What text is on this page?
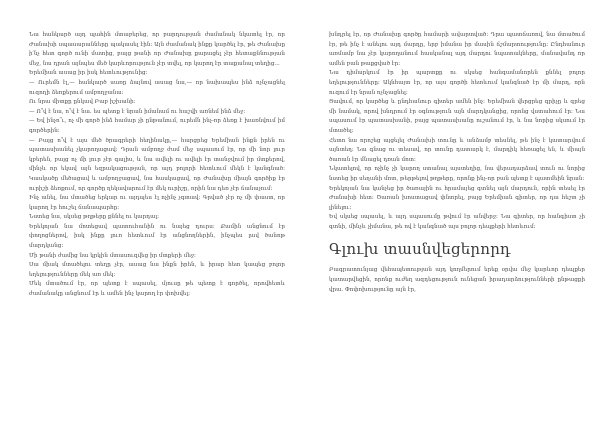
Նա հանկարծ այդ պահին մտաբերեց, որ բարդության ժամանակ նկատել էր, որ Ժանախի սպասարանները պակասել էին: Այն ժամանակ ինքը կարծել էր, թե Ժանախը ի՛նչ հետ գործ ունի մատից, բայց թանի որ Ժանախը քարացել չէր հետաքննության մեջ, նա դրան այնպես մեծ կարևորություն չէր տվել, որ կարող էր տաքանալ տեղից...

Երեմիան ասաց իր իսկ հետևությունից։

— Ուրեմն էլ,— հանկարծ սառը ձայնով ասաց նա,— որ նախապես ինձ ոչնչացնել ուզողի ձեռքերում ամբողջանա։

Ու նրա միտքը ընկավ Բաբ իշխանի։

— Ո՞վ է նա, ո՞վ է նա. ես պետք է նրան իմանամ ու հաշվի առնեմ ինձ մեջ։

— Եվ ինչո՞ւ, ոչ մի գործ ինձ համար չի ընթանում, ուրեմն ինչ-որ ձեռք է խառնվում իմ գործերին։

— Բայց ո՞վ է այս մեծ ծրագրերի հեղինակը,— հարցրեց Երեմիան ինքն իրեն ու պատասխանել չկարողացավ։ Դրան ամբողջ ժամ մեջ սպասում էր, որ մի նոր լուր կբերեն, բայց ոչ մի լուր չէր գալիս, և նա ավելի ու ավելի էր տանջվում իր մտքերով, մինչև որ եկավ այն եզրակացության, որ այդ բոլորի հետևում մեկն է կանգնած։ Կասկածը մեծացավ և ամբողջացավ, նա հասկացավ, որ Ժանախը միայն գործիք էր ուրիշի ձեռքում, որ գործը ղեկավարում էր մեկ ուրիշը, որին նա դեռ չէր ճանաչում։

Ինչ անել, նա մտածեց երկար ու այդպես էլ ոչինչ չգտավ։ Գրված չէր ոչ մի փաստ, որ կարող էր հուշել ճանապարհը։

Նստեց նա, սկսեց թղթերը քննել ու կարդալ։

Երեկոյան նա մոտեցավ պատուհանին ու նայեց դուրս։ Քամին անցնում էր փողոցներով, իսկ ինքը լուռ հետևում էր անցնողներին, ինչպես լավ ծանոթ մարդկանց։

Մի թանի ժամից նա կրկին մտասուզվեց իր մտքերի մեջ։

Սա միակ մտածելու տեղը չէր, ասաց նա ինքն իրեն, և իրար հետ կապեց բոլոր եղելությունները մեկ առ մեկ։

Մեկ մտածում էր, որ պետք է սպասել, մյուսը թե պետք է գործել, որովհետև ժամանակը անցնում էր և ամեն ինչ կարող էր փոխվել։

խնդրել էր, որ Ժանախը գործը համարի ավարտված։ Դրա պատճառով, նա մտածում էր, թե ինչ է անելու այդ մարդը, երբ իմանա իր մասին ճշմարտությունը։ Ընդհանուր առմամբ նա չէր կարողանում հասկանալ այդ մարդու նպատակները, մանավանդ որ ամեն բան թաքցված էր։

Նա դիմարկում էր իր պարտքը ու սկսեց հանգամանորեն քննել բոլոր եղելությունները։ Ակնհայտ էր, որ այս գործի հետևում կանգնած էր մի մարդ, որն ուզում էր նրան ոչնչացնել։

Ցավում, որ կարծեց և ընդհանուր գիտեր ամեն ինչ։ Երեմիան վերցրեց գրիչը և գրեց մի նամակ, որով խնդրում էր օգնություն այն մարդկանցից, որոնց վստահում էր։ Նա սպասում էր պատասխանի, բայց պատասխանը ուշանում էր, և նա նորից սկսում էր մտածել։

Հետո նա որոշեց այցելել Ժանախի տունը և անձամբ տեսնել, թե ինչ է կատարվում այնտեղ։ Նա գնաց ու տեսավ, որ տունը դատարկ է, մարդիկ հեռացել են, և միայն ծառան էր մնացել դռան մոտ։

Նկատելով, որ ոչինչ չի կարող ստանալ այստեղից, նա վերադարձավ տուն ու նորից նստեց իր սեղանի մոտ, թերթելով թղթերը, որոնք ինչ-որ բան պետք է պատմեին նրան։

Երեկոյան նա կանչեց իր ծառային ու հրամայեց գտնել այն մարդուն, որին տեսել էր Ժանախի հետ։ Ծառան խոստացավ փնտրել, բայց Երեմիան գիտեր, որ դա հեշտ չի լինելու։

Եվ սկսեց սպասել, և այդ սպասումը թվում էր անվերջ։ Նա գիտեր, որ հանգիստ չի գտնի, մինչև չիմանա, թե ով է կանգնած այս բոլոր դեպքերի հետևում։

Գլուխ տասնվեցերորդ

Բագրատունյաց վեհապետության այդ կողմերում երեք օրվա մեջ կարևոր դեպքեր կատարվեցին, որոնք ուժեղ ազդեցություն ունեցան իրադարձությունների ընթացքի վրա. Փոփոխությունը այն էր,
